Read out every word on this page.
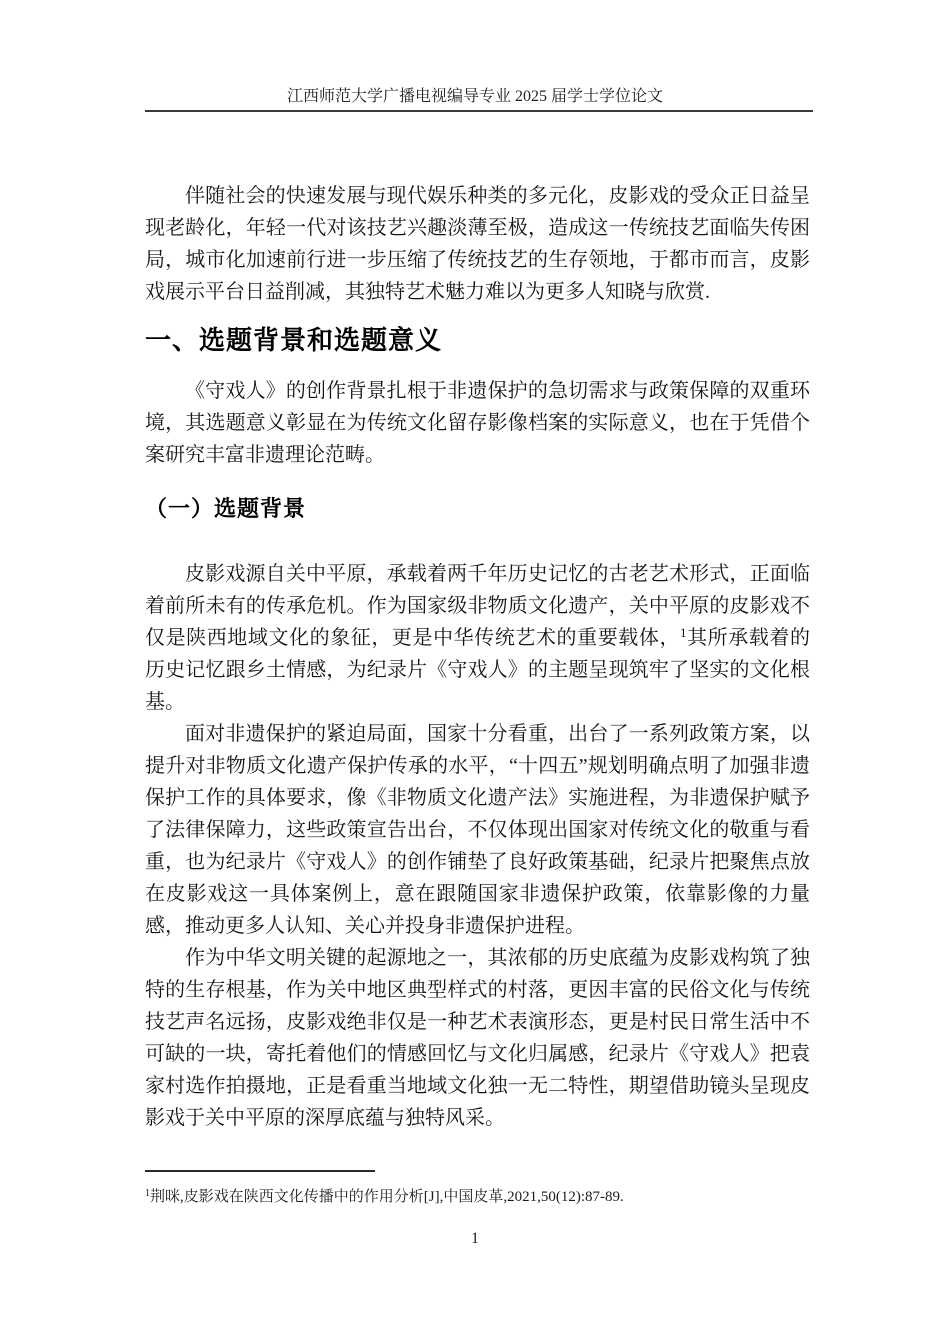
江西师范大学广播电视编导专业 2025 届学士学位论文

伴随社会的快速发展与现代娱乐种类的多元化，皮影戏的受众正日益呈现老龄化，年轻一代对该技艺兴趣淡薄至极，造成这一传统技艺面临失传困局，城市化加速前行进一步压缩了传统技艺的生存领地，于都市而言，皮影戏展示平台日益削减，其独特艺术魅力难以为更多人知晓与欣赏.

一、选题背景和选题意义

《守戏人》的创作背景扎根于非遗保护的急切需求与政策保障的双重环境，其选题意义彰显在为传统文化留存影像档案的实际意义，也在于凭借个案研究丰富非遗理论范畴。

（一）选题背景

皮影戏源自关中平原，承载着两千年历史记忆的古老艺术形式，正面临着前所未有的传承危机。作为国家级非物质文化遗产，关中平原的皮影戏不仅是陕西地域文化的象征，更是中华传统艺术的重要载体，$^1$其所承载着的历史记忆跟乡土情感，为纪录片《守戏人》的主题呈现筑牢了坚实的文化根基。

面对非遗保护的紧迫局面，国家十分看重，出台了一系列政策方案，以提升对非物质文化遗产保护传承的水平，“十四五”规划明确点明了加强非遗保护工作的具体要求，像《非物质文化遗产法》实施进程，为非遗保护赋予了法律保障力，这些政策宣告出台，不仅体现出国家对传统文化的敬重与看重，也为纪录片《守戏人》的创作铺垫了良好政策基础，纪录片把聚焦点放在皮影戏这一具体案例上，意在跟随国家非遗保护政策，依靠影像的力量感，推动更多人认知、关心并投身非遗保护进程。

作为中华文明关键的起源地之一，其浓郁的历史底蕴为皮影戏构筑了独特的生存根基，作为关中地区典型样式的村落，更因丰富的民俗文化与传统技艺声名远扬，皮影戏绝非仅是一种艺术表演形态，更是村民日常生活中不可缺的一块，寄托着他们的情感回忆与文化归属感，纪录片《守戏人》把袁家村选作拍摄地，正是看重当地域文化独一无二特性，期望借助镜头呈现皮影戏于关中平原的深厚底蕴与独特风采。

$^1$荆咪,皮影戏在陕西文化传播中的作用分析[J],中国皮革,2021,50(12):87-89.
1
